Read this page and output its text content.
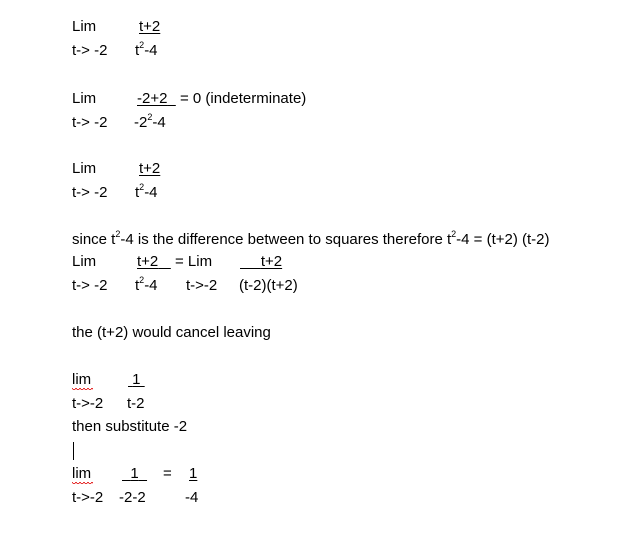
Lim	t+2
t-> -2 $t^2-4$
Lim	-2+2   = 0 (indeterminate)
t-> -2 $-2^2-4$
Lim	t+2
t-> -2 $t^2-4$
since $t^2-4$ is the difference between to squares therefore $t^2-4 = (t+2)$ (t-2)
Lim	t+2 = Lim	t+2
t-> -2 $t^2-4$ t->-2 (t-2)(t+2)
the (t+2) would cancel leaving
lim	1
t->-2 t-2
then substitute -2
lim	1	= 1
t->-2 -2-2	-4
